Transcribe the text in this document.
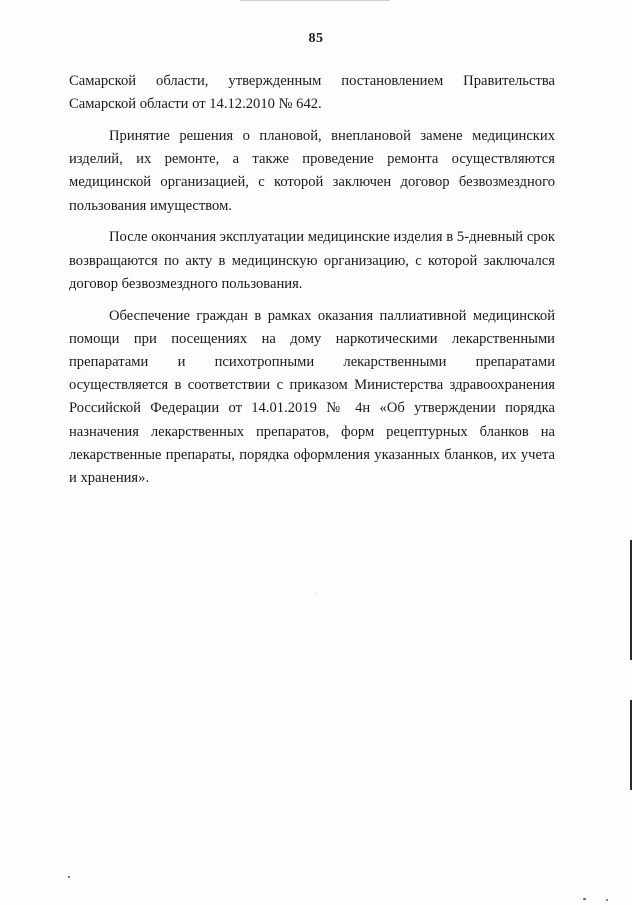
85

Самарской области, утвержденным постановлением Правительства Самарской области от 14.12.2010 № 642.

Принятие решения о плановой, внеплановой замене медицинских изделий, их ремонте, а также проведение ремонта осуществляются медицинской организацией, с которой заключен договор безвозмездного пользования имуществом.

После окончания эксплуатации медицинские изделия в 5-дневный срок возвращаются по акту в медицинскую организацию, с которой заключался договор безвозмездного пользования.

Обеспечение граждан в рамках оказания паллиативной медицинской помощи при посещениях на дому наркотическими лекарственными препаратами и психотропными лекарственными препаратами осуществляется в соответствии с приказом Министерства здравоохранения Российской Федерации от 14.01.2019 № 4н «Об утверждении порядка назначения лекарственных препаратов, форм рецептурных бланков на лекарственные препараты, порядка оформления указанных бланков, их учета и хранения».
